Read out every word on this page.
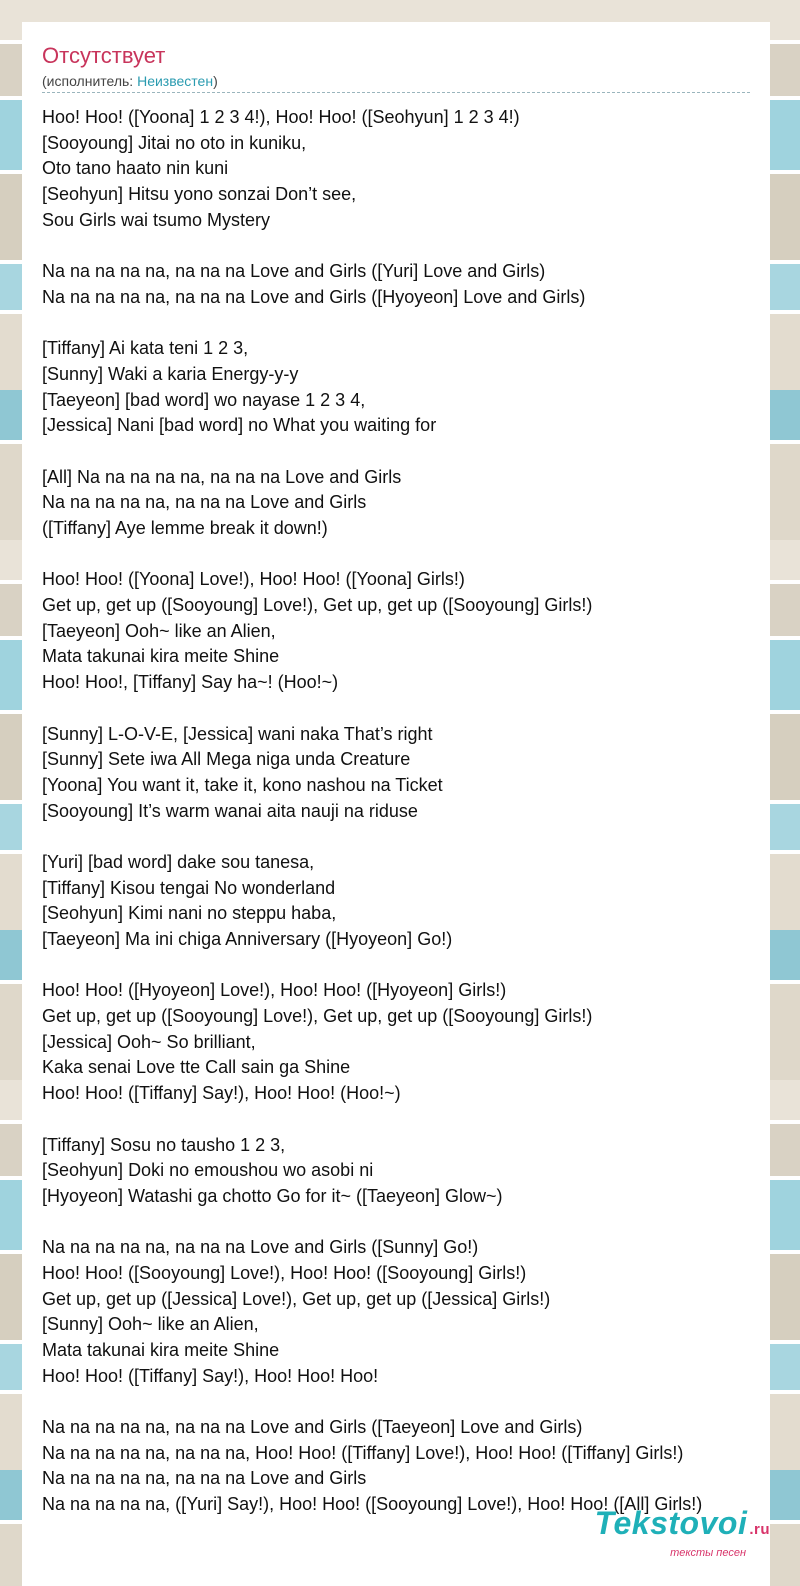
Отсутствует
(исполнитель: Неизвестен)
Hoo! Hoo! ([Yoona] 1 2 3 4!), Hoo! Hoo! ([Seohyun] 1 2 3 4!)
[Sooyoung] Jitai no oto in kuniku,
Oto tano haato nin kuni
[Seohyun] Hitsu yono sonzai Don’t see,
Sou Girls wai tsumo Mystery
Na na na na na, na na na Love and Girls ([Yuri] Love and Girls)
Na na na na na, na na na Love and Girls ([Hyoyeon] Love and Girls)
[Tiffany] Ai kata teni 1 2 3,
[Sunny] Waki a karia Energy-y-y
[Taeyeon] [bad word] wo nayase 1 2 3 4,
[Jessica] Nani [bad word] no What you waiting for
[All] Na na na na na, na na na Love and Girls
Na na na na na, na na na Love and Girls
([Tiffany] Aye lemme break it down!)
Hoo! Hoo! ([Yoona] Love!), Hoo! Hoo! ([Yoona] Girls!)
Get up, get up ([Sooyoung] Love!), Get up, get up ([Sooyoung] Girls!)
[Taeyeon] Ooh~ like an Alien,
Mata takunai kira meite Shine
Hoo! Hoo!, [Tiffany] Say ha~! (Hoo!~)
[Sunny] L-O-V-E, [Jessica] wani naka That’s right
[Sunny] Sete iwa All Mega niga unda Creature
[Yoona] You want it, take it, kono nashou na Ticket
[Sooyoung] It’s warm wanai aita nauji na riduse
[Yuri] [bad word] dake sou tanesa,
[Tiffany] Kisou tengai No wonderland
[Seohyun] Kimi nani no steppu haba,
[Taeyeon] Ma ini chiga Anniversary ([Hyoyeon] Go!)
Hoo! Hoo! ([Hyoyeon] Love!), Hoo! Hoo! ([Hyoyeon] Girls!)
Get up, get up ([Sooyoung] Love!), Get up, get up ([Sooyoung] Girls!)
[Jessica] Ooh~ So brilliant,
Kaka senai Love tte Call sain ga Shine
Hoo! Hoo! ([Tiffany] Say!), Hoo! Hoo! (Hoo!~)
[Tiffany] Sosu no tausho 1 2 3,
[Seohyun] Doki no emoushou wo asobi ni
[Hyoyeon] Watashi ga chotto Go for it~ ([Taeyeon] Glow~)
Na na na na na, na na na Love and Girls ([Sunny] Go!)
Hoo! Hoo! ([Sooyoung] Love!), Hoo! Hoo! ([Sooyoung] Girls!)
Get up, get up ([Jessica] Love!), Get up, get up ([Jessica] Girls!)
[Sunny] Ooh~ like an Alien,
Mata takunai kira meite Shine
Hoo! Hoo! ([Tiffany] Say!), Hoo! Hoo! Hoo!
Na na na na na, na na na Love and Girls ([Taeyeon] Love and Girls)
Na na na na na, na na na, Hoo! Hoo! ([Tiffany] Love!), Hoo! Hoo! ([Tiffany] Girls!)
Na na na na na, na na na Love and Girls
Na na na na na, ([Yuri] Say!), Hoo! Hoo! ([Sooyoung] Love!), Hoo! Hoo! ([All] Girls!)
Tekstovoi .ru
тексты песен
